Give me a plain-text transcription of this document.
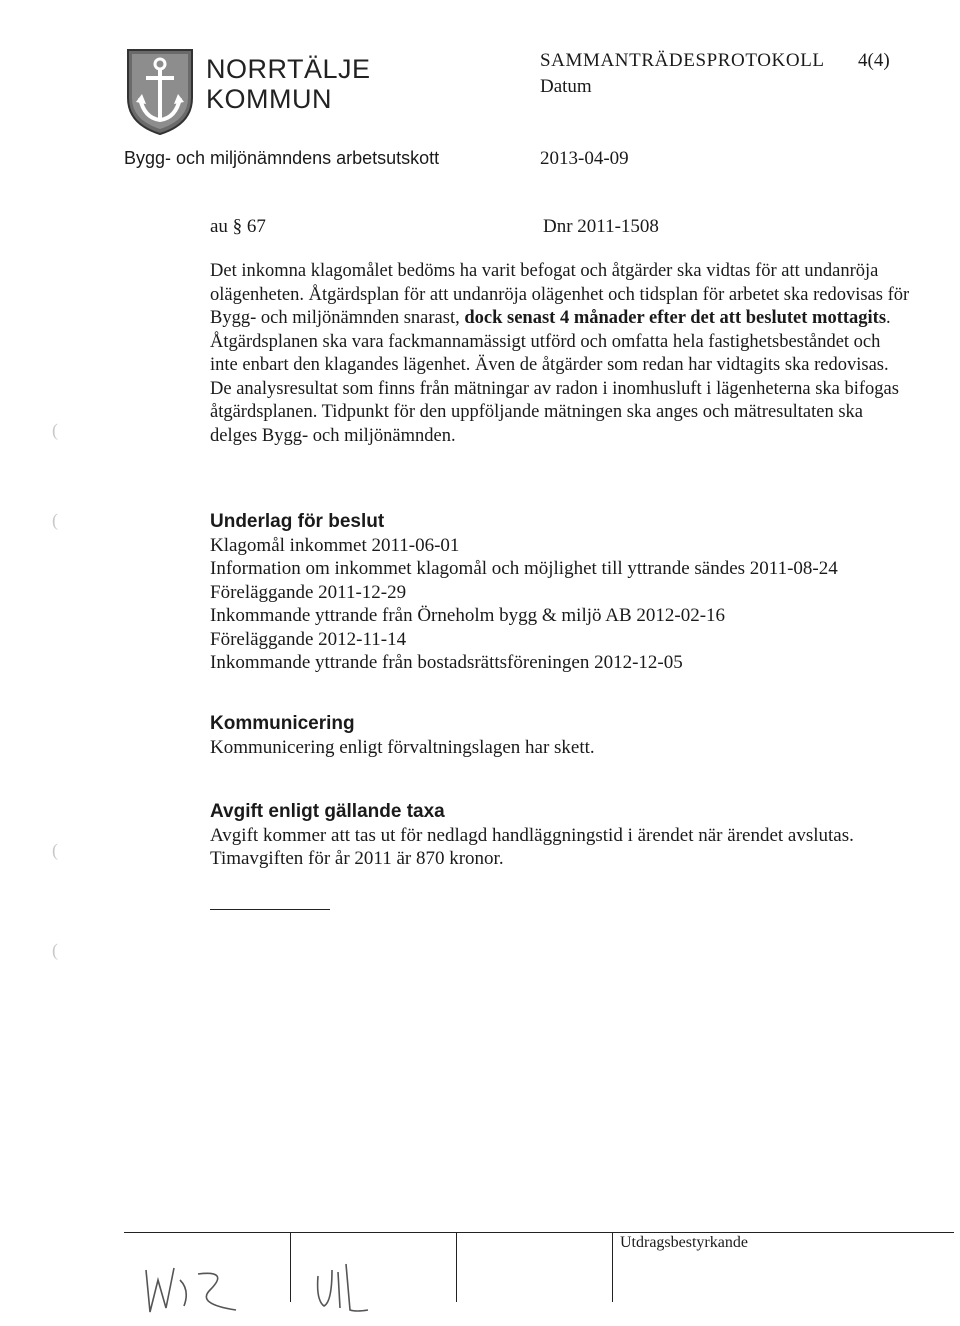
NORRTÄLJE
KOMMUN
SAMMANTRÄDESPROTOKOLL 4(4)
Datum
Bygg- och miljönämndens arbetsutskott	2013-04-09
au § 67	Dnr 2011-1508
Det inkomna klagomålet bedöms ha varit befogat och åtgärder ska vidtas för att undanröja olägenheten. Åtgärdsplan för att undanröja olägenhet och tidsplan för arbetet ska redovisas för Bygg- och miljönämnden snarast, dock senast 4 månader efter det att beslutet mottagits. Åtgärdsplanen ska vara fackmannamässigt utförd och omfatta hela fastighetsbeståndet och inte enbart den klagandes lägenhet. Även de åtgärder som redan har vidtagits ska redovisas. De analysresultat som finns från mätningar av radon i inomhusluft i lägenheterna ska bifogas åtgärdsplanen. Tidpunkt för den uppföljande mätningen ska anges och mätresultaten ska delges Bygg- och miljönämnden.
Underlag för beslut
Klagomål inkommet 2011-06-01
Information om inkommet klagomål och möjlighet till yttrande sändes 2011-08-24
Föreläggande 2011-12-29
Inkommande yttrande från Örneholm bygg & miljö AB 2012-02-16
Föreläggande 2012-11-14
Inkommande yttrande från bostadsrättsföreningen 2012-12-05
Kommunicering
Kommunicering enligt förvaltningslagen har skett.
Avgift enligt gällande taxa
Avgift kommer att tas ut för nedlagd handläggningstid i ärendet när ärendet avslutas.
Timavgiften för år 2011 är 870 kronor.
(
(
(
(
Utdragsbestyrkande
